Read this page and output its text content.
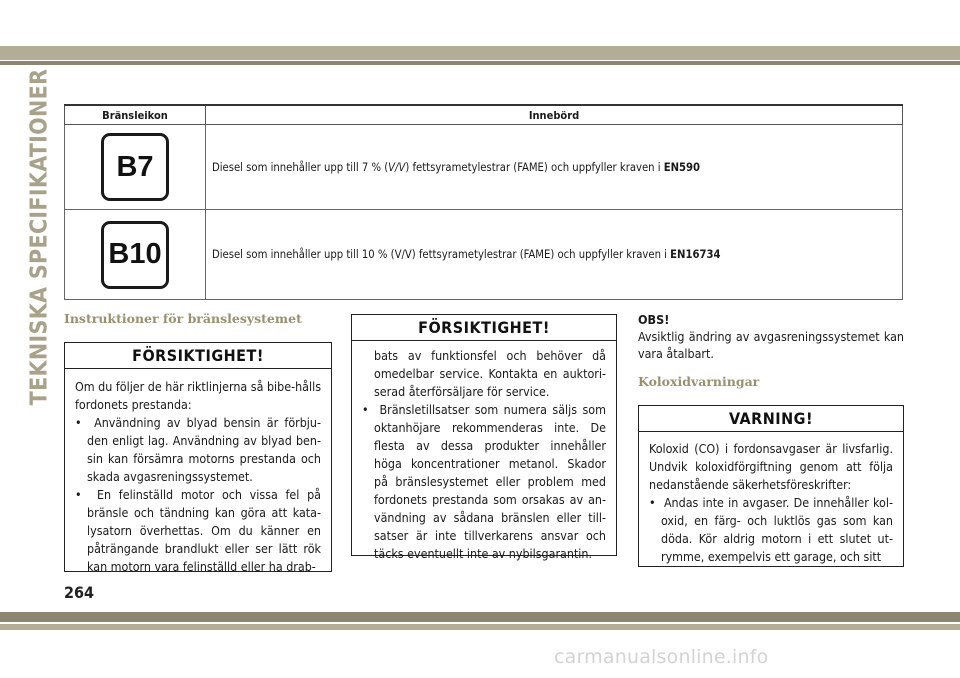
TEKNISKA SPECIFIKATIONER	Bränsleikon	Innebörd
B7	Diesel som innehåller upp till 7 % (V/V) fettsyrametylestrar (FAME) och uppfyller kraven i EN590
B10	Diesel som innehåller upp till 10 % (V/V) fettsyrametylestrar (FAME) och uppfyller kraven i EN16734
Instruktioner för bränslesystemet
FÖRSIKTIGHET!

Om du följer de här riktlinjerna så bibe-hålls fordonets prestanda:

•  Användning av blyad bensin är förbju-den enligt lag. Användning av blyad ben-sin kan försämra motorns prestanda och skada avgasreningssystemet.
•  En felinställd motor och vissa fel på bränsle och tändning kan göra att kata-lysatorn överhettas. Om du känner en påträngande brandlukt eller ser lätt rök kan motorn vara felinställd eller ha drab-
FÖRSIKTIGHET!
bats av funktionsfel och behöver då omedelbar service. Kontakta en auktori-serad återförsäljare för service.
•  Bränsletillsatser som numera säljs som oktanhöjare rekommenderas inte. De flesta av dessa produkter innehåller höga koncentrationer metanol. Skador på bränslesystemet eller problem med fordonets prestanda som orsakas av an-vändning av sådana bränslen eller till-satser är inte tillverkarens ansvar och täcks eventuellt inte av nybilsgarantin.

OBS!

Avsiktlig ändring av avgasreningssystemet kan vara åtalbart.

Koloxidvarningar
VARNING!

Koloxid (CO) i fordonsavgaser är livsfarlig. Undvik koloxidförgiftning genom att följa nedanstående säkerhetsföreskrifter:

•  Andas inte in avgaser. De innehåller kol-oxid, en färg- och luktlös gas som kan döda. Kör aldrig motorn i ett slutet ut-rymme, exempelvis ett garage, och sitt

264

carmanualsonline.info
